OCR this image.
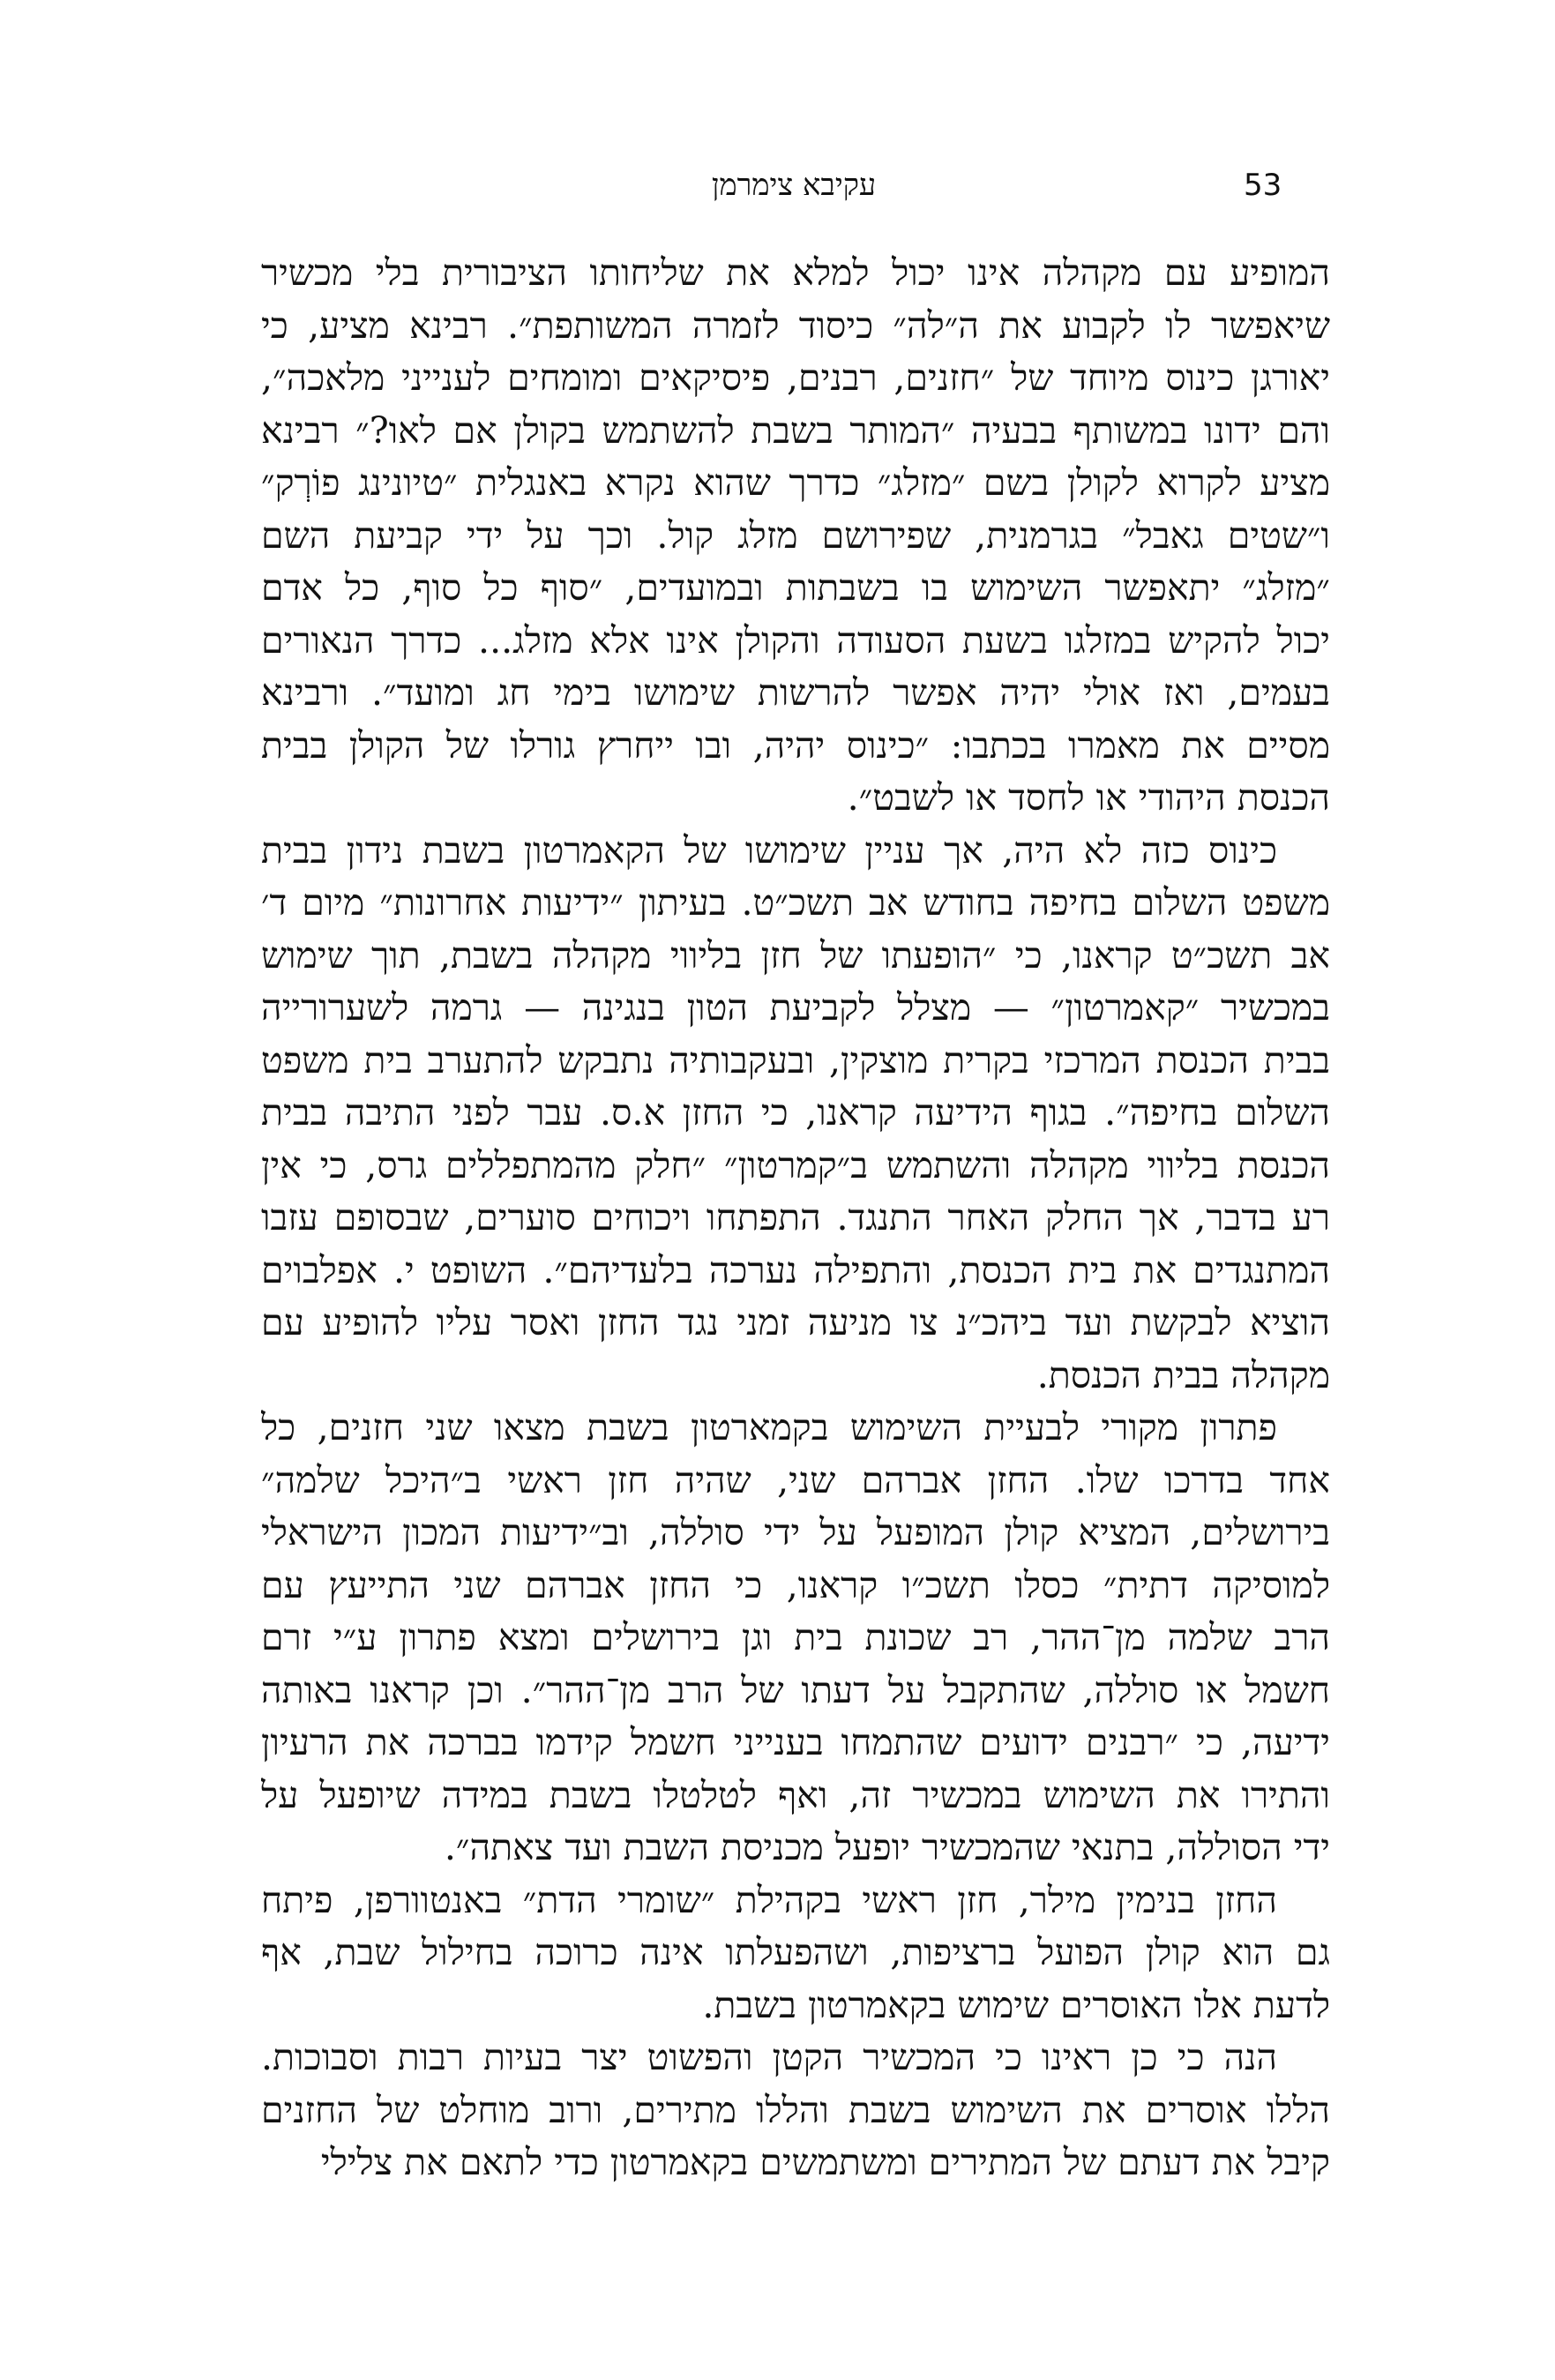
53
עקיבא צימרמן
המופיע עם מקהלה אינו יכול למלא את שליחותו הציבורית בלי מכשיר
שיאפשר לו לקבוע את ה״לה״ כיסוד לזמרה המשותפת״. רבינא מציע, כי
יאורגן כינוס מיוחד של ״חזנים, רבנים, פיסיקאים ומומחים לענייני מלאכה״,
והם ידונו במשותף בבעיה ״המותר בשבת להשתמש בקולן אם לאו?״ רבינא
מציע לקרוא לקולן בשם ״מזלג״ כדרך שהוא נקרא באנגלית ״טיונינג פוֹרְק״
ו״שטים גאבל״ בגרמנית, שפירושם מזלג קול. וכך על ידי קביעת השם
״מזלג״ יתאפשר השימוש בו בשבתות ובמועדים, ״סוף כל סוף, כל אדם
יכול להקיש במזלגו בשעת הסעודה והקולן אינו אלא מזלג... כדרך הנאורים
בעמים, ואז אולי יהיה אפשר להרשות שימושו בימי חג ומועד״. ורבינא
מסיים את מאמרו בכתבו: ״כינוס יהיה, ובו ייחרץ גורלו של הקולן בבית
הכנסת היהודי או לחסד או לשבט״.
כינוס כזה לא היה, אך עניין שימושו של הקאמרטון בשבת נידון בבית
משפט השלום בחיפה בחודש אב תשכ״ט. בעיתון ״ידיעות אחרונות״ מיום ד׳
אב תשכ״ט קראנו, כי ״הופעתו של חזן בליווי מקהלה בשבת, תוך שימוש
במכשיר ״קאמרטון״ — מצלל לקביעת הטון בנגינה — גרמה לשערורייה
בבית הכנסת המרכזי בקרית מוצקין, ובעקבותיה נתבקש להתערב בית משפט
השלום בחיפה״. בגוף הידיעה קראנו, כי החזן א.ס. עבר לפני התיבה בבית
הכנסת בליווי מקהלה והשתמש ב״קמרטון״ ״חלק מהמתפללים גרס, כי אין
רע בדבר, אך החלק האחר התנגד. התפתחו ויכוחים סוערים, שבסופם עזבו
המתנגדים את בית הכנסת, והתפילה נערכה בלעדיהם״. השופט י. אפלבוים
הוציא לבקשת ועד ביהכ״נ צו מניעה זמני נגד החזן ואסר עליו להופיע עם
מקהלה בבית הכנסת.
פתרון מקורי לבעיית השימוש בקמארטון בשבת מצאו שני חזנים, כל
אחד בדרכו שלו. החזן אברהם שני, שהיה חזן ראשי ב״היכל שלמה״
בירושלים, המציא קולן המופעל על ידי סוללה, וב״ידיעות המכון הישראלי
למוסיקה דתית״ כסלו תשכ״ו קראנו, כי החזן אברהם שני התייעץ עם
הרב שלמה מן־ההר, רב שכונת בית וגן בירושלים ומצא פתרון ע״י זרם
חשמל או סוללה, שהתקבל על דעתו של הרב מן־ההר״. וכן קראנו באותה
ידיעה, כי ״רבנים ידועים שהתמחו בענייני חשמל קידמו בברכה את הרעיון
והתירו את השימוש במכשיר זה, ואף לטלטלו בשבת במידה שיופעל על
ידי הסוללה, בתנאי שהמכשיר יופעל מכניסת השבת ועד צאתה״.
החזן בנימין מילר, חזן ראשי בקהילת ״שומרי הדת״ באנטוורפן, פיתח
גם הוא קולן הפועל ברציפות, ושהפעלתו אינה כרוכה בחילול שבת, אף
לדעת אלו האוסרים שימוש בקאמרטון בשבת.
הנה כי כן ראינו כי המכשיר הקטן והפשוט יצר בעיות רבות וסבוכות.
הללו אוסרים את השימוש בשבת והללו מתירים, ורוב מוחלט של החזנים
קיבל את דעתם של המתירים ומשתמשים בקאמרטון כדי לתאם את צלילי
